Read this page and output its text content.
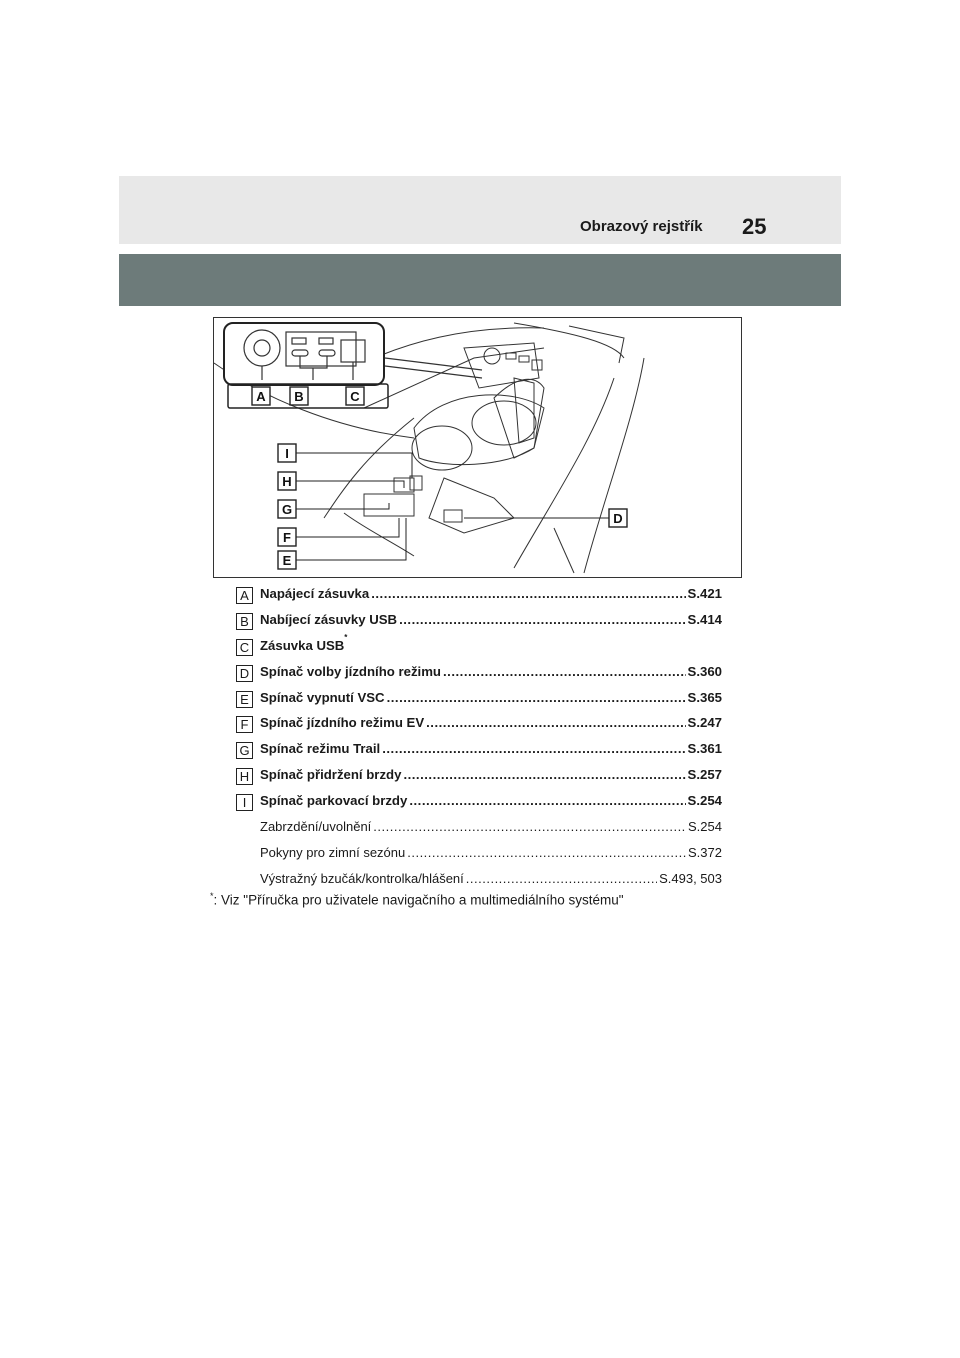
Obrazový rejstřík 25
A B	C
I
H
G
F
E
D
A Napájecí zásuvka .....	S.421
B Nabíjecí zásuvky USB .....	S.414
C Zásuvka USB
*
D Spínač volby jízdního režimu .....	S.360
E Spínač vypnutí VSC .....	S.365
F Spínač jízdního režimu EV .....	S.247
G Spínač režimu Trail .....	S.361
H Spínač přidržení brzdy .....	S.257
I	Spínač parkovací brzdy .....	S.254
Zabrzdění/uvolnění .....	S.254
Pokyny pro zimní sezónu .....	S.372
Výstražný bzučák/kontrolka/hlášení .....	S.493, 503
*: Viz "Příručka pro uživatele navigačního a multimediálního systému"
